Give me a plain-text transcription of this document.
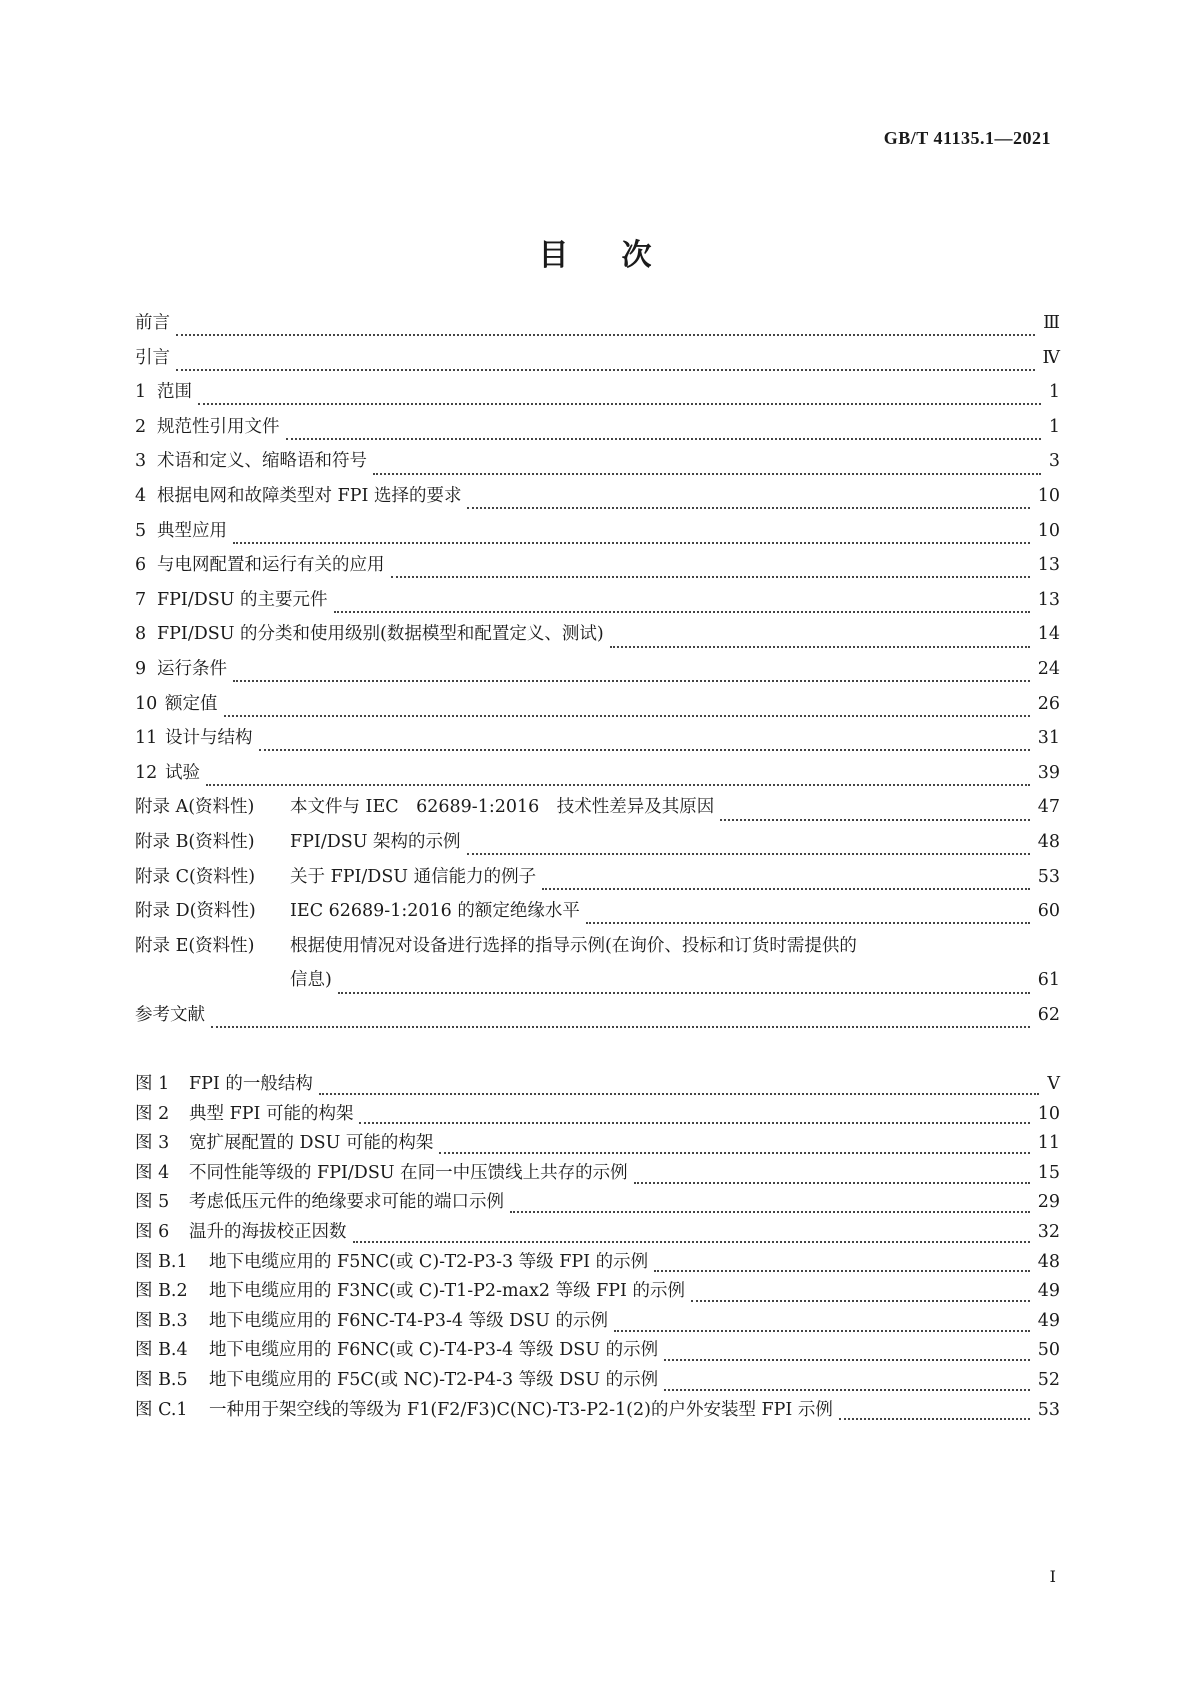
GB/T 41135.1—2021
目 次
前言	Ⅲ
引言	Ⅳ
1 范围	1
2 规范性引用文件	1
3 术语和定义、缩略语和符号	3
4 根据电网和故障类型对 FPI 选择的要求	10
5 典型应用	10
6 与电网配置和运行有关的应用	13
7 FPI/DSU 的主要元件	13
8 FPI/DSU 的分类和使用级别(数据模型和配置定义、测试)	14
9 运行条件	24
10 额定值	26
11 设计与结构	31
12 试验	39
附录 A(资料性)	本文件与 IEC　62689-1:2016　技术性差异及其原因	47
附录 B(资料性)	FPI/DSU 架构的示例	48
附录 C(资料性)	关于 FPI/DSU 通信能力的例子	53
附录 D(资料性)	IEC 62689-1:2016 的额定绝缘水平	60
附录 E(资料性) 根据使用情况对设备进行选择的指导示例(在询价、投标和订货时需提供的
信息)	61
参考文献	62
图 1	FPI 的一般结构	Ⅴ
图 2	典型 FPI 可能的构架	10
图 3	宽扩展配置的 DSU 可能的构架	11
图 4	不同性能等级的 FPI/DSU 在同一中压馈线上共存的示例	15
图 5	考虑低压元件的绝缘要求可能的端口示例	29
图 6	温升的海拔校正因数	32
图 B.1	地下电缆应用的 F5NC(或 C)-T2-P3-3 等级 FPI 的示例	48
图 B.2	地下电缆应用的 F3NC(或 C)-T1-P2-max2 等级 FPI 的示例	49
图 B.3	地下电缆应用的 F6NC-T4-P3-4 等级 DSU 的示例	49
图 B.4	地下电缆应用的 F6NC(或 C)-T4-P3-4 等级 DSU 的示例	50
图 B.5	地下电缆应用的 F5C(或 NC)-T2-P4-3 等级 DSU 的示例	52
图 C.1	一种用于架空线的等级为 F1(F2/F3)C(NC)-T3-P2-1(2)的户外安装型 FPI 示例	53
I
